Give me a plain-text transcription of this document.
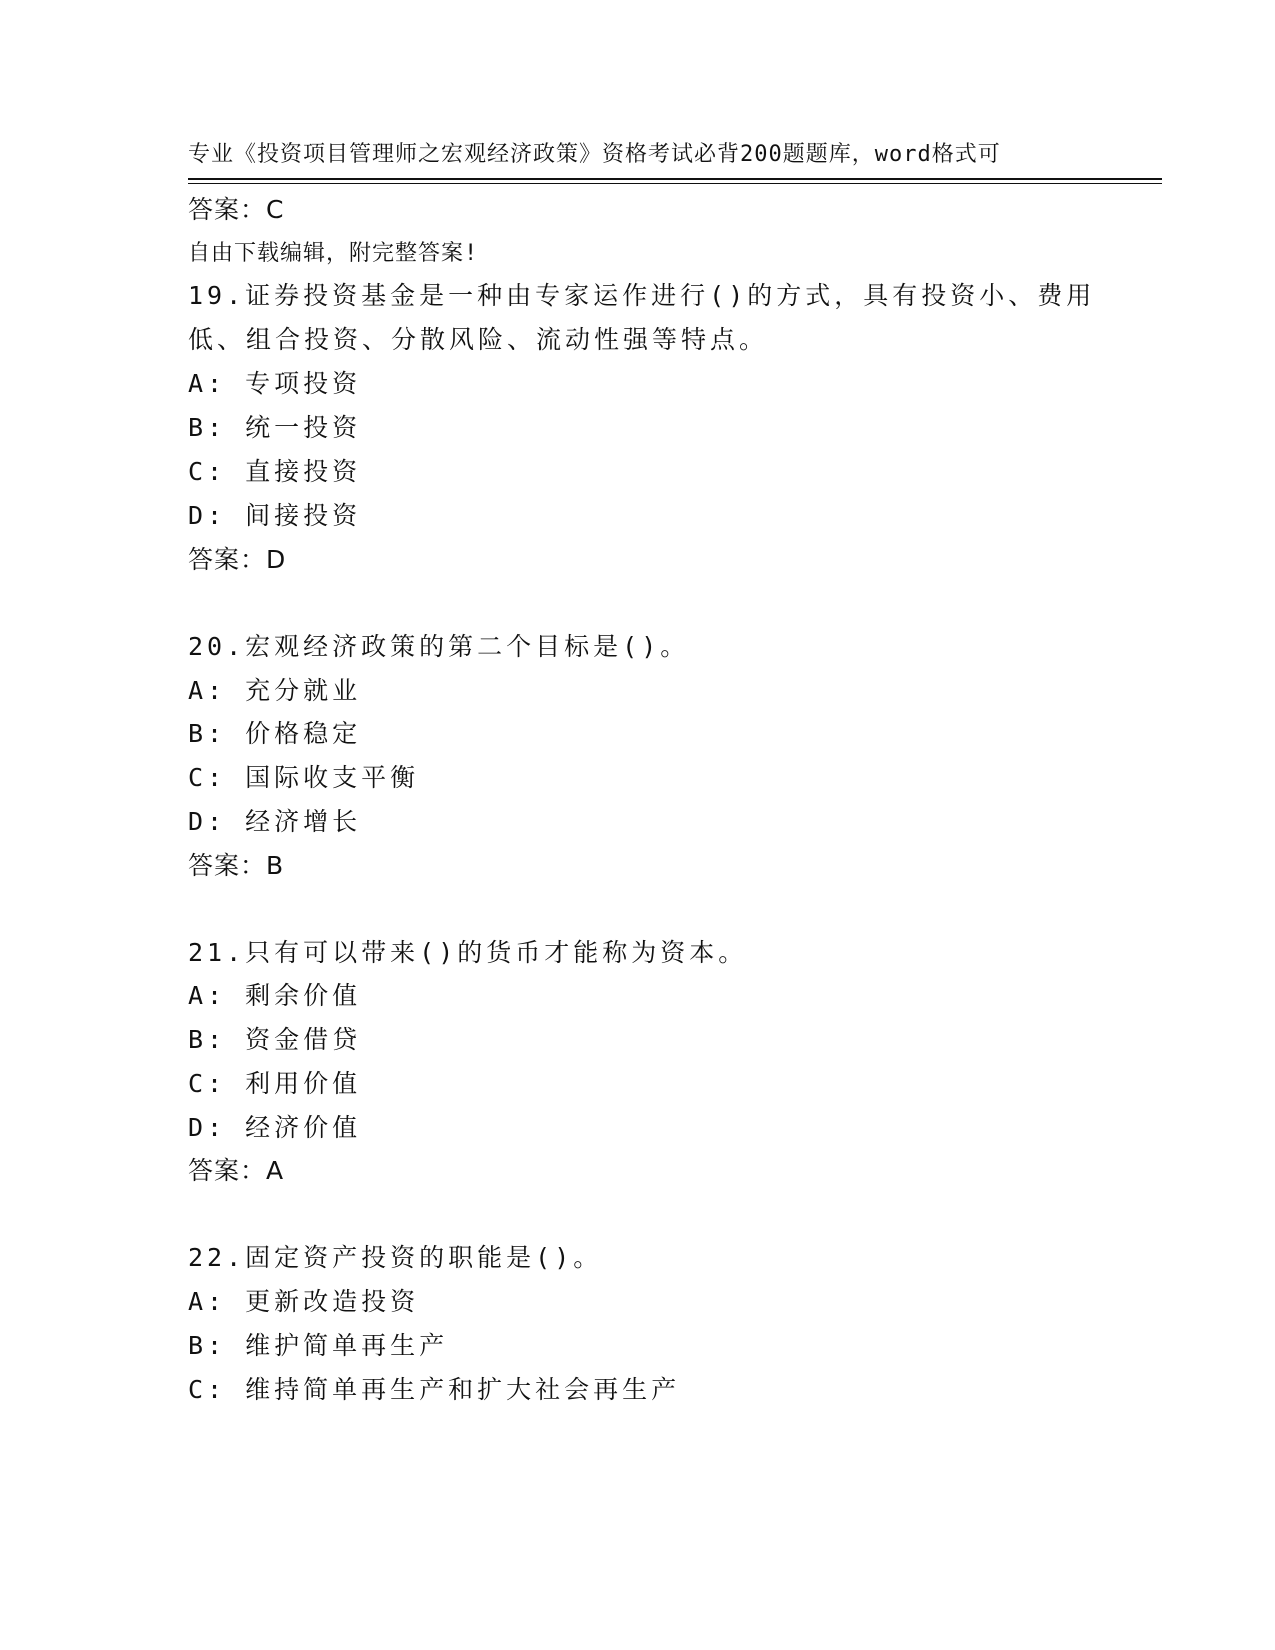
专业《投资项目管理师之宏观经济政策》资格考试必背200题题库，word格式可

自由下载编辑，附完整答案!

答案：C
19.证券投资基金是一种由专家运作进行()的方式，具有投资小、费用
低、组合投资、分散风险、流动性强等特点。
A: 专项投资
B: 统一投资
C: 直接投资
D: 间接投资
答案：D
20.宏观经济政策的第二个目标是()。
A: 充分就业
B: 价格稳定
C: 国际收支平衡
D: 经济增长
答案：B
21.只有可以带来()的货币才能称为资本。
A: 剩余价值
B: 资金借贷
C: 利用价值
D: 经济价值
答案：A
22.固定资产投资的职能是()。
A: 更新改造投资
B: 维护简单再生产
C: 维持简单再生产和扩大社会再生产
